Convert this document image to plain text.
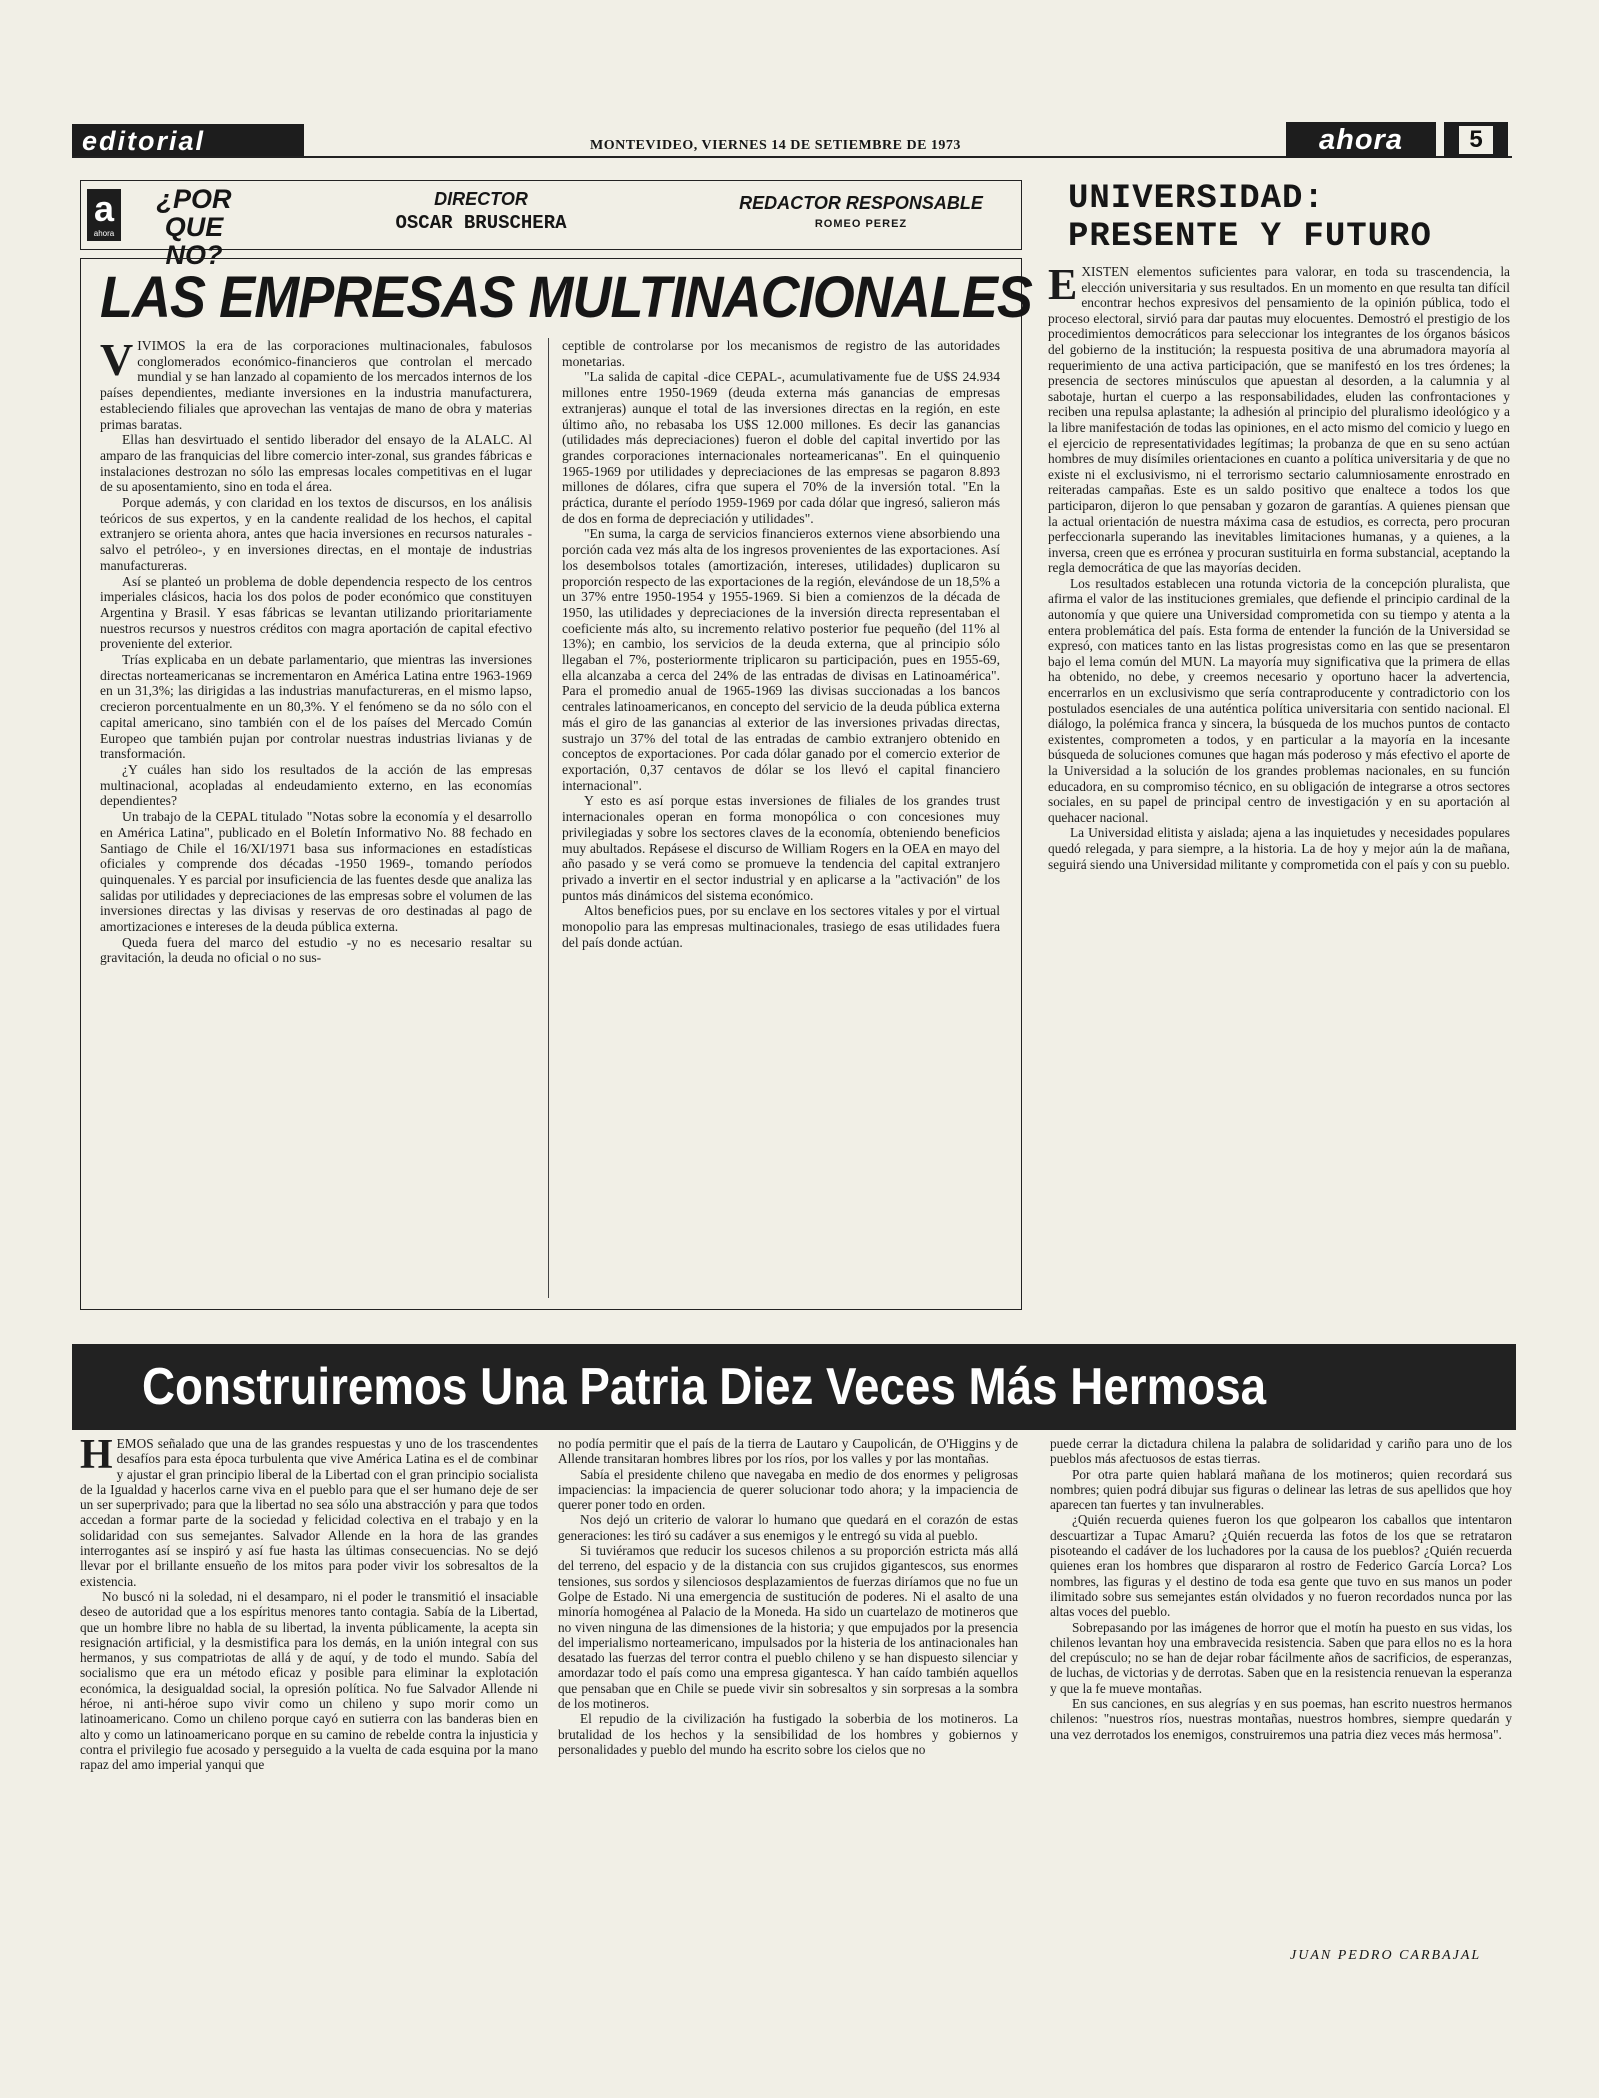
editorial	MONTEVIDEO, VIERNES 14 DE SETIEMBRE DE 1973	ahora	5
a
ahora
¿POR QUE
NO?
DIRECTOR
OSCAR BRUSCHERA
REDACTOR RESPONSABLE
ROMEO PEREZ
LAS EMPRESAS MULTINACIONALES
V IVIMOS la era de las corporaciones multinacionales, fabulosos conglomerados económico-financieros que controlan el mercado mundial y se han lanzado al copamiento de los mercados internos de los países dependientes, mediante inversiones en la industria manufacturera, estableciendo filiales que aprovechan las ventajas de mano de obra y materias primas baratas.

Ellas han desvirtuado el sentido liberador del ensayo de la ALALC. Al amparo de las franquicias del libre comercio inter-zonal, sus grandes fábricas e instalaciones destrozan no sólo las empresas locales competitivas en el lugar de su aposentamiento, sino en toda el área.

Porque además, y con claridad en los textos de discursos, en los análisis teóricos de sus expertos, y en la candente realidad de los hechos, el capital extranjero se orienta ahora, antes que hacia inversiones en recursos naturales -salvo el petróleo-, y en inversiones directas, en el montaje de industrias manufactureras.

Así se planteó un problema de doble dependencia respecto de los centros imperiales clásicos, hacia los dos polos de poder económico que constituyen Argentina y Brasil. Y esas fábricas se levantan utilizando prioritariamente nuestros recursos y nuestros créditos con magra aportación de capital efectivo proveniente del exterior.

Trías explicaba en un debate parlamentario, que mientras las inversiones directas norteamericanas se incrementaron en América Latina entre 1963-1969 en un 31,3%; las dirigidas a las industrias manufactureras, en el mismo lapso, crecieron porcentualmente en un 80,3%. Y el fenómeno se da no sólo con el capital americano, sino también con el de los países del Mercado Común Europeo que también pujan por controlar nuestras industrias livianas y de transformación.

¿Y cuáles han sido los resultados de la acción de las empresas multinacional, acopladas al endeudamiento externo, en las economías dependientes?

Un trabajo de la CEPAL titulado "Notas sobre la economía y el desarrollo en América Latina", publicado en el Boletín Informativo No. 88 fechado en Santiago de Chile el 16/XI/1971 basa sus informaciones en estadísticas oficiales y comprende dos décadas -1950 1969-, tomando períodos quinquenales. Y es parcial por insuficiencia de las fuentes desde que analiza las salidas por utilidades y depreciaciones de las empresas sobre el volumen de las inversiones directas y las divisas y reservas de oro destinadas al pago de amortizaciones e intereses de la deuda pública externa.

Queda fuera del marco del estudio -y no es necesario resaltar su gravitación, la deuda no oficial o no sus-

ceptible de controlarse por los mecanismos de registro de las autoridades monetarias.

"La salida de capital -dice CEPAL-, acumulativamente fue de U$S 24.934 millones entre 1950-1969 (deuda externa más ganancias de empresas extranjeras) aunque el total de las inversiones directas en la región, en este último año, no rebasaba los U$S 12.000 millones. Es decir las ganancias (utilidades más depreciaciones) fueron el doble del capital invertido por las grandes corporaciones internacionales norteamericanas". En el quinquenio 1965-1969 por utilidades y depreciaciones de las empresas se pagaron 8.893 millones de dólares, cifra que supera el 70% de la inversión total. "En la práctica, durante el período 1959-1969 por cada dólar que ingresó, salieron más de dos en forma de depreciación y utilidades".

"En suma, la carga de servicios financieros externos viene absorbiendo una porción cada vez más alta de los ingresos provenientes de las exportaciones. Así los desembolsos totales (amortización, intereses, utilidades) duplicaron su proporción respecto de las exportaciones de la región, elevándose de un 18,5% a un 37% entre 1950-1954 y 1955-1969. Si bien a comienzos de la década de 1950, las utilidades y depreciaciones de la inversión directa representaban el coeficiente más alto, su incremento relativo posterior fue pequeño (del 11% al 13%); en cambio, los servicios de la deuda externa, que al principio sólo llegaban el 7%, posteriormente triplicaron su participación, pues en 1955-69, ella alcanzaba a cerca del 24% de las entradas de divisas en Latinoamérica". Para el promedio anual de 1965-1969 las divisas succionadas a los bancos centrales latinoamericanos, en concepto del servicio de la deuda pública externa más el giro de las ganancias al exterior de las inversiones privadas directas, sustrajo un 37% del total de las entradas de cambio extranjero obtenido en conceptos de exportaciones. Por cada dólar ganado por el comercio exterior de exportación, 0,37 centavos de dólar se los llevó el capital financiero internacional".

Y esto es así porque estas inversiones de filiales de los grandes trust internacionales operan en forma monopólica o con concesiones muy privilegiadas y sobre los sectores claves de la economía, obteniendo beneficios muy abultados. Repásese el discurso de William Rogers en la OEA en mayo del año pasado y se verá como se promueve la tendencia del capital extranjero privado a invertir en el sector industrial y en aplicarse a la "activación" de los puntos más dinámicos del sistema económico.

Altos beneficios pues, por su enclave en los sectores vitales y por el virtual monopolio para las empresas multinacionales, trasiego de esas utilidades fuera del país donde actúan.

UNIVERSIDAD:
PRESENTE Y FUTURO
E XISTEN elementos suficientes para valorar, en toda su trascendencia, la elección universitaria y sus resultados. En un momento en que resulta tan difícil encontrar hechos expresivos del pensamiento de la opinión pública, todo el proceso electoral, sirvió para dar pautas muy elocuentes. Demostró el prestigio de los procedimientos democráticos para seleccionar los integrantes de los órganos básicos del gobierno de la institución; la respuesta positiva de una abrumadora mayoría al requerimiento de una activa participación, que se manifestó en los tres órdenes; la presencia de sectores minúsculos que apuestan al desorden, a la calumnia y al sabotaje, hurtan el cuerpo a las responsabilidades, eluden las confrontaciones y reciben una repulsa aplastante; la adhesión al principio del pluralismo ideológico y a la libre manifestación de todas las opiniones, en el acto mismo del comicio y luego en el ejercicio de representatividades legítimas; la probanza de que en su seno actúan hombres de muy disímiles orientaciones en cuanto a política universitaria y de que no existe ni el exclusivismo, ni el terrorismo sectario calumniosamente enrostrado en reiteradas campañas. Este es un saldo positivo que enaltece a todos los que participaron, dijeron lo que pensaban y gozaron de garantías. A quienes piensan que la actual orientación de nuestra máxima casa de estudios, es correcta, pero procuran perfeccionarla superando las inevitables limitaciones humanas, y a quienes, a la inversa, creen que es errónea y procuran sustituirla en forma substancial, aceptando la regla democrática de que las mayorías deciden.

Los resultados establecen una rotunda victoria de la concepción pluralista, que afirma el valor de las instituciones gremiales, que defiende el principio cardinal de la autonomía y que quiere una Universidad comprometida con su tiempo y atenta a la entera problemática del país. Esta forma de entender la función de la Universidad se expresó, con matices tanto en las listas progresistas como en las que se presentaron bajo el lema común del MUN. La mayoría muy significativa que la primera de ellas ha obtenido, no debe, y creemos necesario y oportuno hacer la advertencia, encerrarlos en un exclusivismo que sería contraproducente y contradictorio con los postulados esenciales de una auténtica política universitaria con sentido nacional. El diálogo, la polémica franca y sincera, la búsqueda de los muchos puntos de contacto existentes, comprometen a todos, y en particular a la mayoría en la incesante búsqueda de soluciones comunes que hagan más poderoso y más efectivo el aporte de la Universidad a la solución de los grandes problemas nacionales, en su función educadora, en su compromiso técnico, en su obligación de integrarse a otros sectores sociales, en su papel de principal centro de investigación y en su aportación al quehacer nacional.

La Universidad elitista y aislada; ajena a las inquietudes y necesidades populares quedó relegada, y para siempre, a la historia. La de hoy y mejor aún la de mañana, seguirá siendo una Universidad militante y comprometida con el país y con su pueblo.

Construiremos Una Patria Diez Veces Más Hermosa
H EMOS señalado que una de las grandes respuestas y uno de los trascendentes desafíos para esta época turbulenta que vive América Latina es el de combinar y ajustar el gran principio liberal de la Libertad con el gran principio socialista de la Igualdad y hacerlos carne viva en el pueblo para que el ser humano deje de ser un ser superprivado; para que la libertad no sea sólo una abstracción y para que todos accedan a formar parte de la sociedad y felicidad colectiva en el trabajo y en la solidaridad con sus semejantes. Salvador Allende en la hora de las grandes interrogantes así se inspiró y así fue hasta las últimas consecuencias. No se dejó llevar por el brillante ensueño de los mitos para poder vivir los sobresaltos de la existencia.

No buscó ni la soledad, ni el desamparo, ni el poder le transmitió el insaciable deseo de autoridad que a los espíritus menores tanto contagia. Sabía de la Libertad, que un hombre libre no habla de su libertad, la inventa públicamente, la acepta sin resignación artificial, y la desmistifica para los demás, en la unión integral con sus hermanos, y sus compatriotas de allá y de aquí, y de todo el mundo. Sabía del socialismo que era un método eficaz y posible para eliminar la explotación económica, la desigualdad social, la opresión política. No fue Salvador Allende ni héroe, ni anti-héroe supo vivir como un chileno y supo morir como un latinoamericano. Como un chileno porque cayó en sutierra con las banderas bien en alto y como un latinoamericano porque en su camino de rebelde contra la injusticia y contra el privilegio fue acosado y perseguido a la vuelta de cada esquina por la mano rapaz del amo imperial yanqui que

no podía permitir que el país de la tierra de Lautaro y Caupolicán, de O'Higgins y de Allende transitaran hombres libres por los ríos, por los valles y por las montañas.

Sabía el presidente chileno que navegaba en medio de dos enormes y peligrosas impaciencias: la impaciencia de querer solucionar todo ahora; y la impaciencia de querer poner todo en orden.

Nos dejó un criterio de valorar lo humano que quedará en el corazón de estas generaciones: les tiró su cadáver a sus enemigos y le entregó su vida al pueblo.

Si tuviéramos que reducir los sucesos chilenos a su proporción estricta más allá del terreno, del espacio y de la distancia con sus crujidos gigantescos, sus enormes tensiones, sus sordos y silenciosos desplazamientos de fuerzas diríamos que no fue un Golpe de Estado. Ni una emergencia de sustitución de poderes. Ni el asalto de una minoría homogénea al Palacio de la Moneda. Ha sido un cuartelazo de motineros que no viven ninguna de las dimensiones de la historia; y que empujados por la presencia del imperialismo norteamericano, impulsados por la histeria de los antinacionales han desatado las fuerzas del terror contra el pueblo chileno y se han dispuesto silenciar y amordazar todo el país como una empresa gigantesca. Y han caído también aquellos que pensaban que en Chile se puede vivir sin sobresaltos y sin sorpresas a la sombra de los motineros.

El repudio de la civilización ha fustigado la soberbia de los motineros. La brutalidad de los hechos y la sensibilidad de los hombres y gobiernos y personalidades y pueblo del mundo ha escrito sobre los cielos que no

puede cerrar la dictadura chilena la palabra de solidaridad y cariño para uno de los pueblos más afectuosos de estas tierras.

Por otra parte quien hablará mañana de los motineros; quien recordará sus nombres; quien podrá dibujar sus figuras o delinear las letras de sus apellidos que hoy aparecen tan fuertes y tan invulnerables.

¿Quién recuerda quienes fueron los que golpearon los caballos que intentaron descuartizar a Tupac Amaru? ¿Quién recuerda las fotos de los que se retrataron pisoteando el cadáver de los luchadores por la causa de los pueblos? ¿Quién recuerda quienes eran los hombres que dispararon al rostro de Federico García Lorca? Los nombres, las figuras y el destino de toda esa gente que tuvo en sus manos un poder ilimitado sobre sus semejantes están olvidados y no fueron recordados nunca por las altas voces del pueblo.

Sobrepasando por las imágenes de horror que el motín ha puesto en sus vidas, los chilenos levantan hoy una embravecida resistencia. Saben que para ellos no es la hora del crepúsculo; no se han de dejar robar fácilmente años de sacrificios, de esperanzas, de luchas, de victorias y de derrotas. Saben que en la resistencia renuevan la esperanza y que la fe mueve montañas.

En sus canciones, en sus alegrías y en sus poemas, han escrito nuestros hermanos chilenos: "nuestros ríos, nuestras montañas, nuestros hombres, siempre quedarán y una vez derrotados los enemigos, construiremos una patria diez veces más hermosa".

JUAN PEDRO CARBAJAL
